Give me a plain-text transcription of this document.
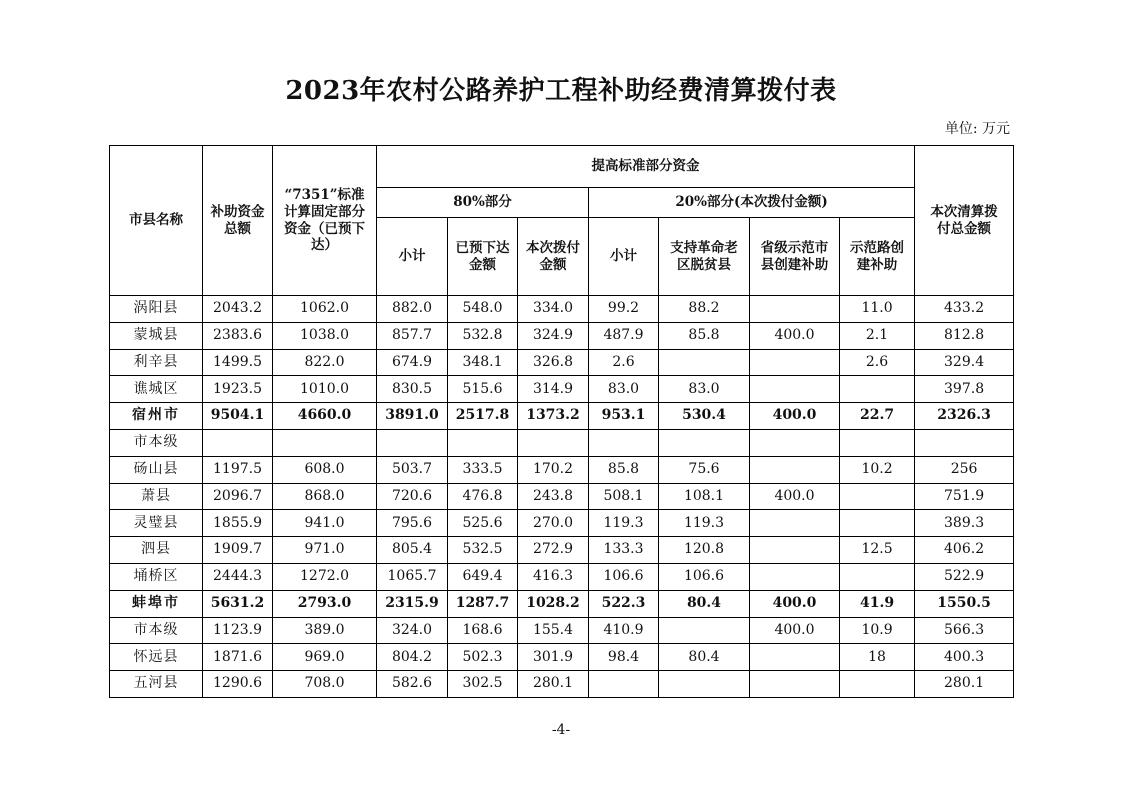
2023年农村公路养护工程补助经费清算拨付表
单位: 万元
市县名称	补助资金总额	“7351”标准计算固定部分资金（已预下达）	提高标准部分资金							本次清算拨付总金额
			80%部分			20%部分(本次拨付金额)				
			小计	已预下达金额	本次拨付金额	小计	支持革命老区脱贫县	省级示范市县创建补助	示范路创建补助	
涡阳县	2043.2	1062.0	882.0	548.0	334.0	99.2	88.2		11.0	433.2
蒙城县	2383.6	1038.0	857.7	532.8	324.9	487.9	85.8	400.0	2.1	812.8
利辛县	1499.5	822.0	674.9	348.1	326.8	2.6			2.6	329.4
谯城区	1923.5	1010.0	830.5	515.6	314.9	83.0	83.0			397.8
宿州市	9504.1	4660.0	3891.0	2517.8	1373.2	953.1	530.4	400.0	22.7	2326.3
市本级										
砀山县	1197.5	608.0	503.7	333.5	170.2	85.8	75.6		10.2	256
萧县	2096.7	868.0	720.6	476.8	243.8	508.1	108.1	400.0		751.9
灵璧县	1855.9	941.0	795.6	525.6	270.0	119.3	119.3			389.3
泗县	1909.7	971.0	805.4	532.5	272.9	133.3	120.8		12.5	406.2
埇桥区	2444.3	1272.0	1065.7	649.4	416.3	106.6	106.6			522.9
蚌埠市	5631.2	2793.0	2315.9	1287.7	1028.2	522.3	80.4	400.0	41.9	1550.5
市本级	1123.9	389.0	324.0	168.6	155.4	410.9		400.0	10.9	566.3
怀远县	1871.6	969.0	804.2	502.3	301.9	98.4	80.4		18	400.3
五河县	1290.6	708.0	582.6	302.5	280.1					280.1
-4-
